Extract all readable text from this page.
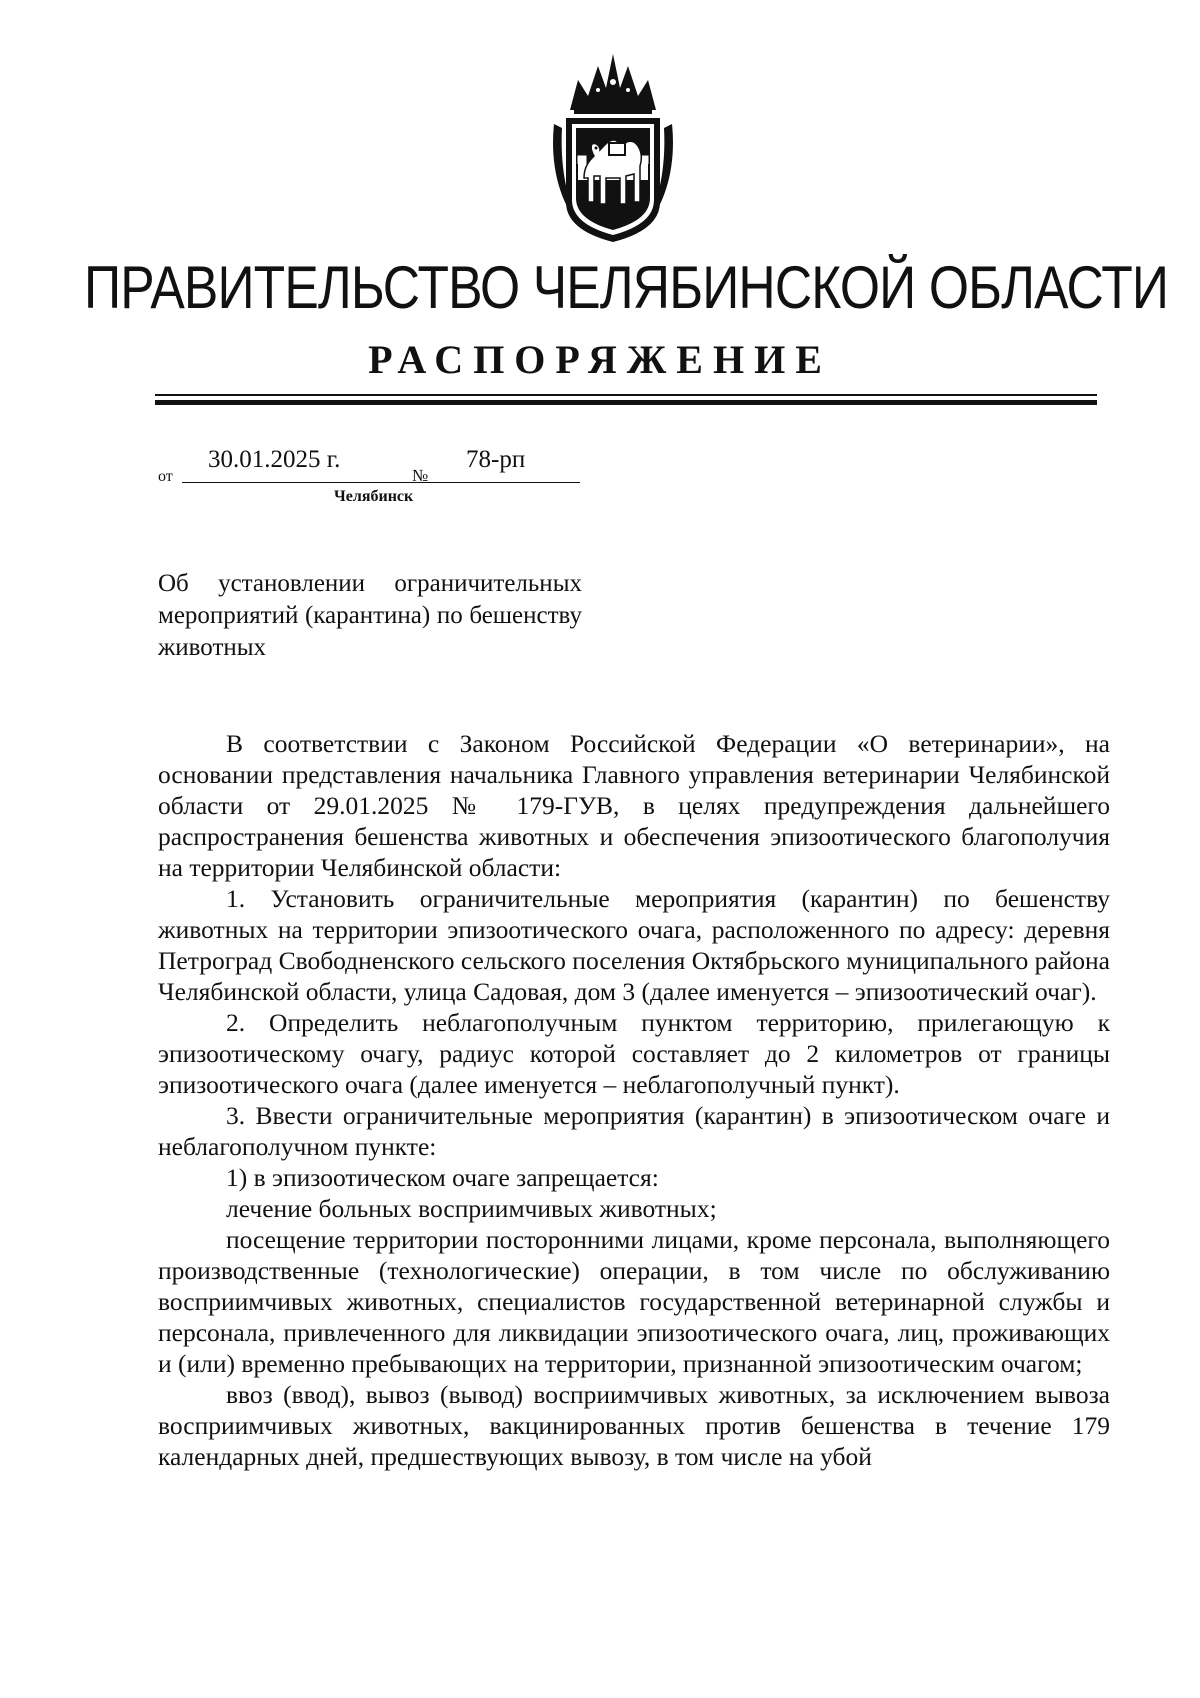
ПРАВИТЕЛЬСТВО ЧЕЛЯБИНСКОЙ ОБЛАСТИ
РАСПОРЯЖЕНИЕ
от
30.01.2025 г.
№
78-рп
Челябинск
Об установлении ограничительных мероприятий (карантина) по бешенству животных

В соответствии с Законом Российской Федерации «О ветеринарии», на основании представления начальника Главного управления ветеринарии Челябинской области от 29.01.2025 № 179-ГУВ, в целях предупреждения дальнейшего распространения бешенства животных и обеспечения эпизоотического благополучия на территории Челябинской области:

1. Установить ограничительные мероприятия (карантин) по бешенству животных на территории эпизоотического очага, расположенного по адресу: деревня Петроград Свободненского сельского поселения Октябрьского муниципального района Челябинской области, улица Садовая, дом 3 (далее именуется – эпизоотический очаг).

2. Определить неблагополучным пунктом территорию, прилегающую к эпизоотическому очагу, радиус которой составляет до 2 километров от границы эпизоотического очага (далее именуется – неблагополучный пункт).

3. Ввести ограничительные мероприятия (карантин) в эпизоотическом очаге и неблагополучном пункте:

1) в эпизоотическом очаге запрещается:

лечение больных восприимчивых животных;

посещение территории посторонними лицами, кроме персонала, выполняющего производственные (технологические) операции, в том числе по обслуживанию восприимчивых животных, специалистов государственной ветеринарной службы и персонала, привлеченного для ликвидации эпизоотического очага, лиц, проживающих и (или) временно пребывающих на территории, признанной эпизоотическим очагом;

ввоз (ввод), вывоз (вывод) восприимчивых животных, за исключением вывоза восприимчивых животных, вакцинированных против бешенства в течение 179 календарных дней, предшествующих вывозу, в том числе на убой
